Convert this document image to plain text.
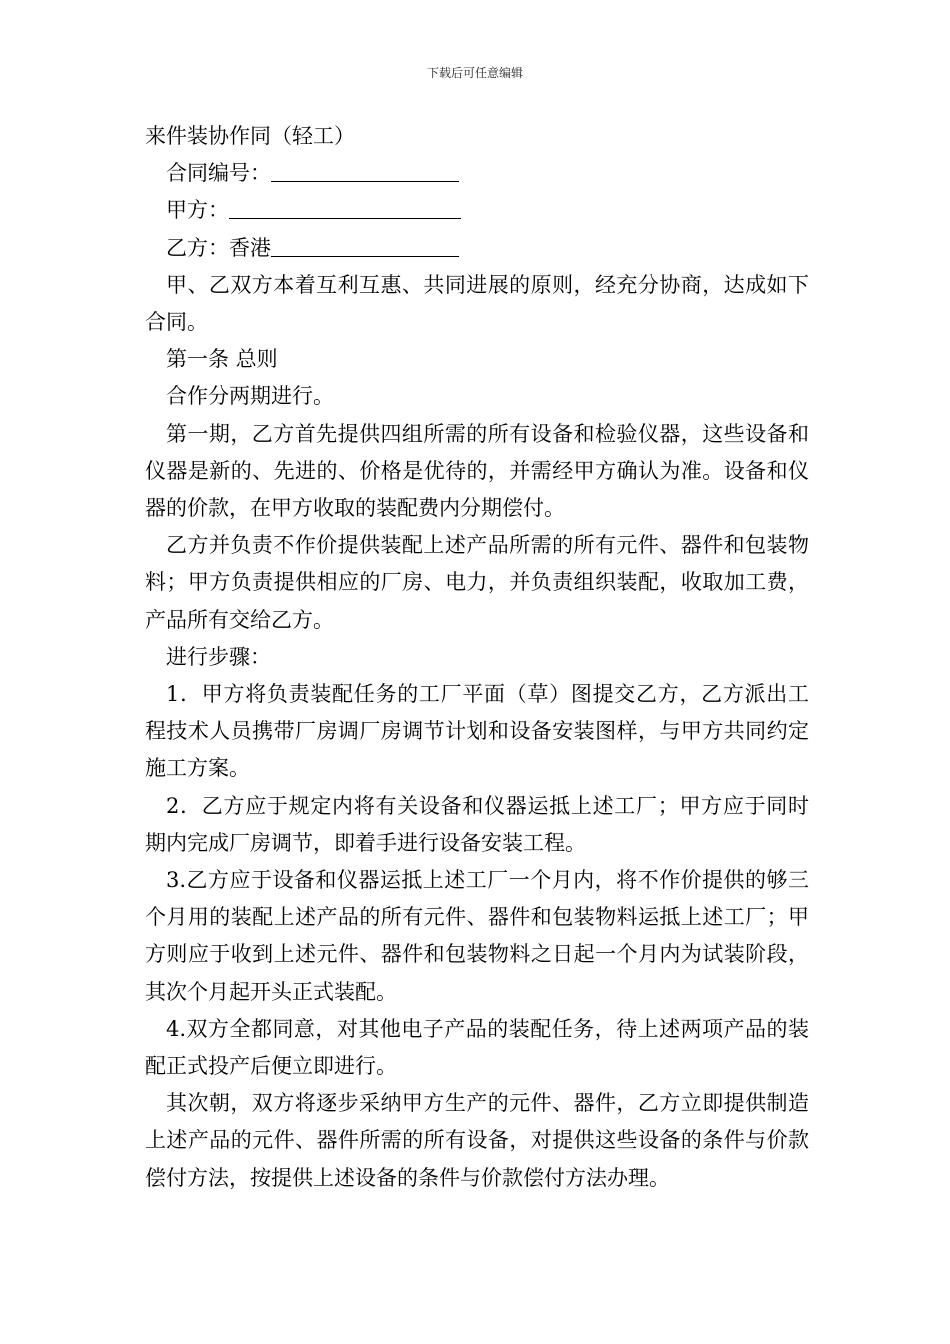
下载后可任意编辑

来件装协作同（轻工）

合同编号：

甲方：

乙方：香港

甲、乙双方本着互利互惠、共同进展的原则，经充分协商，达成如下合同。

第一条 总则

合作分两期进行。

第一期，乙方首先提供四组所需的所有设备和检验仪器，这些设备和仪器是新的、先进的、价格是优待的，并需经甲方确认为准。设备和仪器的价款，在甲方收取的装配费内分期偿付。

乙方并负责不作价提供装配上述产品所需的所有元件、器件和包装物料；甲方负责提供相应的厂房、电力，并负责组织装配，收取加工费，产品所有交给乙方。

进行步骤：

1．甲方将负责装配任务的工厂平面（草）图提交乙方，乙方派出工程技术人员携带厂房调厂房调节计划和设备安装图样，与甲方共同约定施工方案。

2．乙方应于规定内将有关设备和仪器运抵上述工厂；甲方应于同时期内完成厂房调节，即着手进行设备安装工程。

3.乙方应于设备和仪器运抵上述工厂一个月内，将不作价提供的够三个月用的装配上述产品的所有元件、器件和包装物料运抵上述工厂；甲方则应于收到上述元件、器件和包装物料之日起一个月内为试装阶段，其次个月起开头正式装配。

4.双方全都同意，对其他电子产品的装配任务，待上述两项产品的装配正式投产后便立即进行。

其次朝，双方将逐步采纳甲方生产的元件、器件，乙方立即提供制造上述产品的元件、器件所需的所有设备，对提供这些设备的条件与价款偿付方法，按提供上述设备的条件与价款偿付方法办理。
